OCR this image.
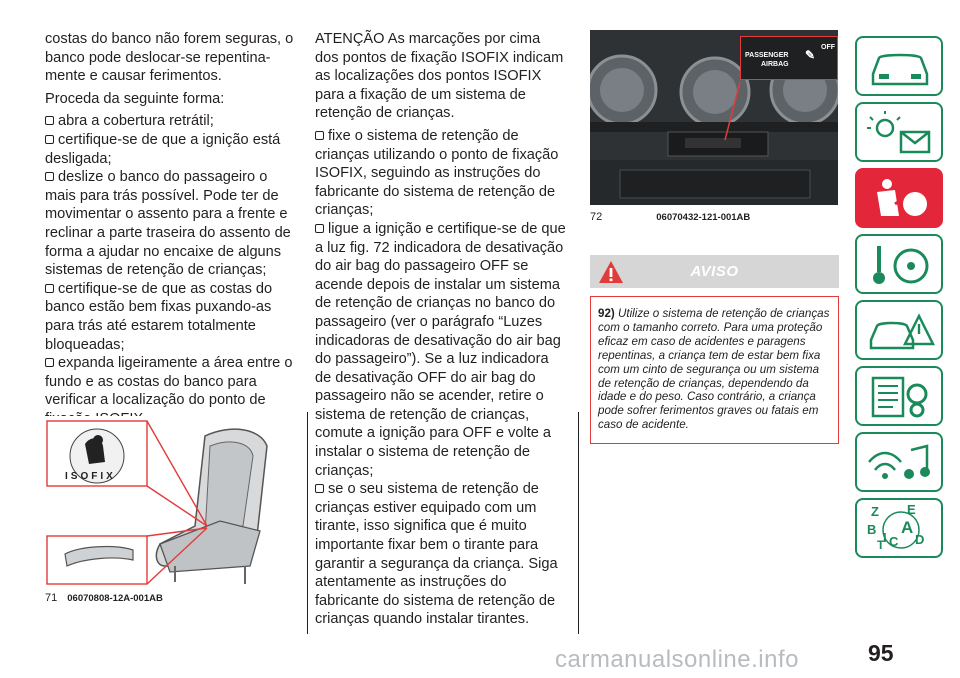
costas do banco não forem seguras, o banco pode deslocar-se repentina-mente e causar ferimentos.

Proceda da seguinte forma:

abra a cobertura retrátil;
certifique-se de que a ignição está desligada;
deslize o banco do passageiro o mais para trás possível. Pode ter de movimentar o assento para a frente e reclinar a parte traseira do assento de forma a ajudar no encaixe de alguns sistemas de retenção de crianças;
certifique-se de que as costas do banco estão bem fixas puxando-as para trás até estarem totalmente bloqueadas;
expanda ligeiramente a área entre o fundo e as costas do banco para verificar a localização do ponto de
ISOFIX
71 06070808-12A-001AB

ATENÇÃO As marcações por cima dos pontos de fixação ISOFIX indicam as localizações dos pontos ISOFIX para a fixação de um sistema de retenção de crianças.

fixe o sistema de retenção de crianças utilizando o ponto de fixação ISOFIX, seguindo as instruções do fabricante do sistema de retenção de crianças;
ligue a ignição e certifique-se de que a luz fig. 72 indicadora de desativação do air bag do passageiro OFF se acende depois de instalar um sistema de retenção de crianças no banco do passageiro (ver o parágrafo “Luzes indicadoras de desativação do air bag do passageiro”). Se a luz indicadora de desativação OFF do air bag do passageiro não se acender, retire o sistema de retenção de crianças, comute a ignição para OFF e volte a instalar o sistema de retenção de crianças;
se o seu sistema de retenção de crianças estiver equipado com um tirante, isso significa que é muito importante fixar bem o tirante para garantir a segurança da criança. Siga atentamente as instruções do fabricante do sistema de retenção de crianças quando instalar tirantes.
PASSENGER
AIRBAG
OFF
✎
72	06070432-121-001AB
AVISO
92) Utilize o sistema de retenção de crianças com o tamanho correto. Para uma proteção eficaz em caso de acidentes e paragens repentinas, a criança tem de estar bem fixa com um cinto de segurança ou um sistema de retenção de crianças, dependendo da idade e do peso. Caso contrário, a criança pode sofrer ferimentos graves ou fatais em caso de acidente.
Z E
B A
I C
T D
95
carmanualsonline.info
